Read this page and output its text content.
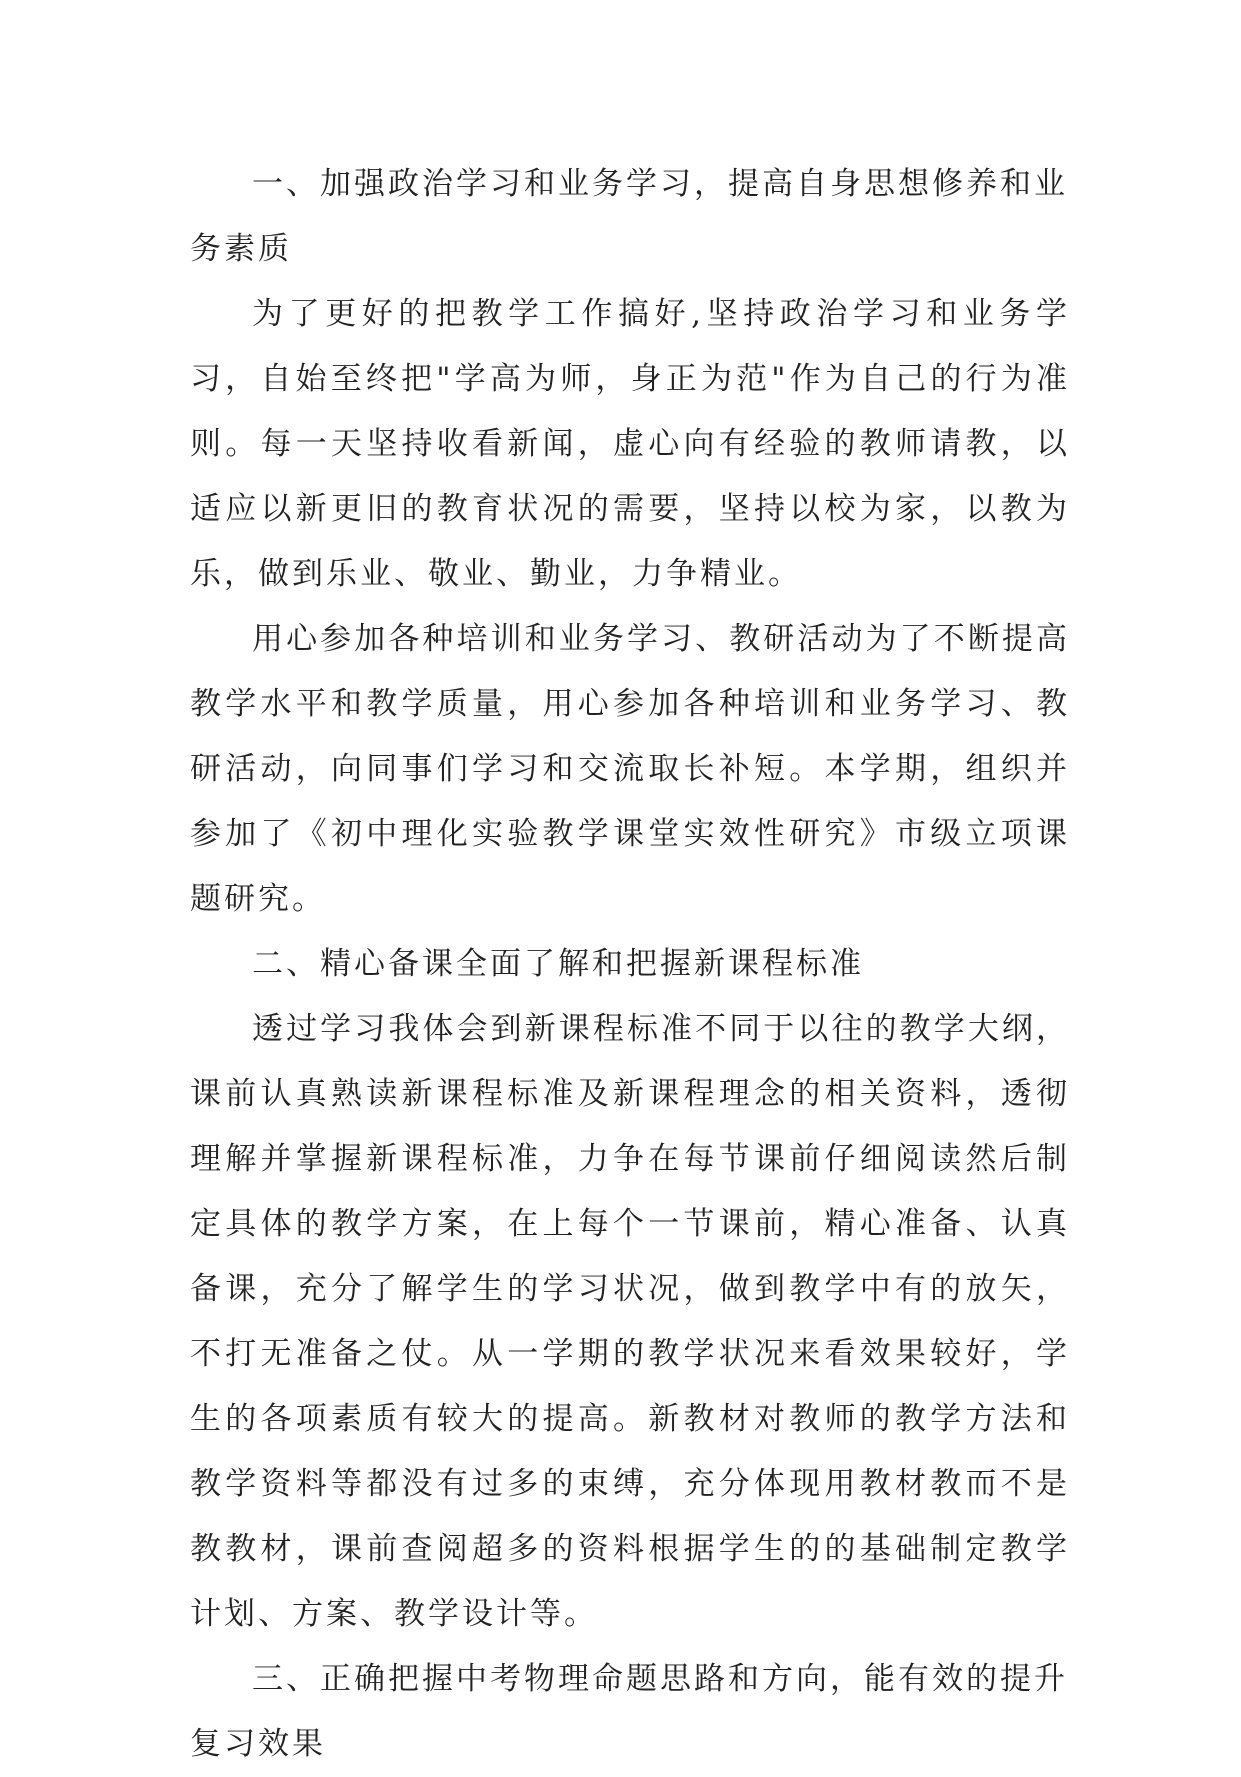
一、加强政治学习和业务学习，提高自身思想修养和业务素质

为了更好的把教学工作搞好,坚持政治学习和业务学习，自始至终把"学高为师，身正为范"作为自己的行为准则。每一天坚持收看新闻，虚心向有经验的教师请教，以适应以新更旧的教育状况的需要，坚持以校为家，以教为乐，做到乐业、敬业、勤业，力争精业。

用心参加各种培训和业务学习、教研活动为了不断提高教学水平和教学质量，用心参加各种培训和业务学习、教研活动，向同事们学习和交流取长补短。本学期，组织并参加了《初中理化实验教学课堂实效性研究》市级立项课题研究。

二、精心备课全面了解和把握新课程标准

透过学习我体会到新课程标准不同于以往的教学大纲，课前认真熟读新课程标准及新课程理念的相关资料，透彻理解并掌握新课程标准，力争在每节课前仔细阅读然后制定具体的教学方案，在上每个一节课前，精心准备、认真备课，充分了解学生的学习状况，做到教学中有的放矢，不打无准备之仗。从一学期的教学状况来看效果较好，学生的各项素质有较大的提高。新教材对教师的教学方法和教学资料等都没有过多的束缚，充分体现用教材教而不是教教材，课前查阅超多的资料根据学生的的基础制定教学计划、方案、教学设计等。

三、正确把握中考物理命题思路和方向，能有效的提升复习效果
